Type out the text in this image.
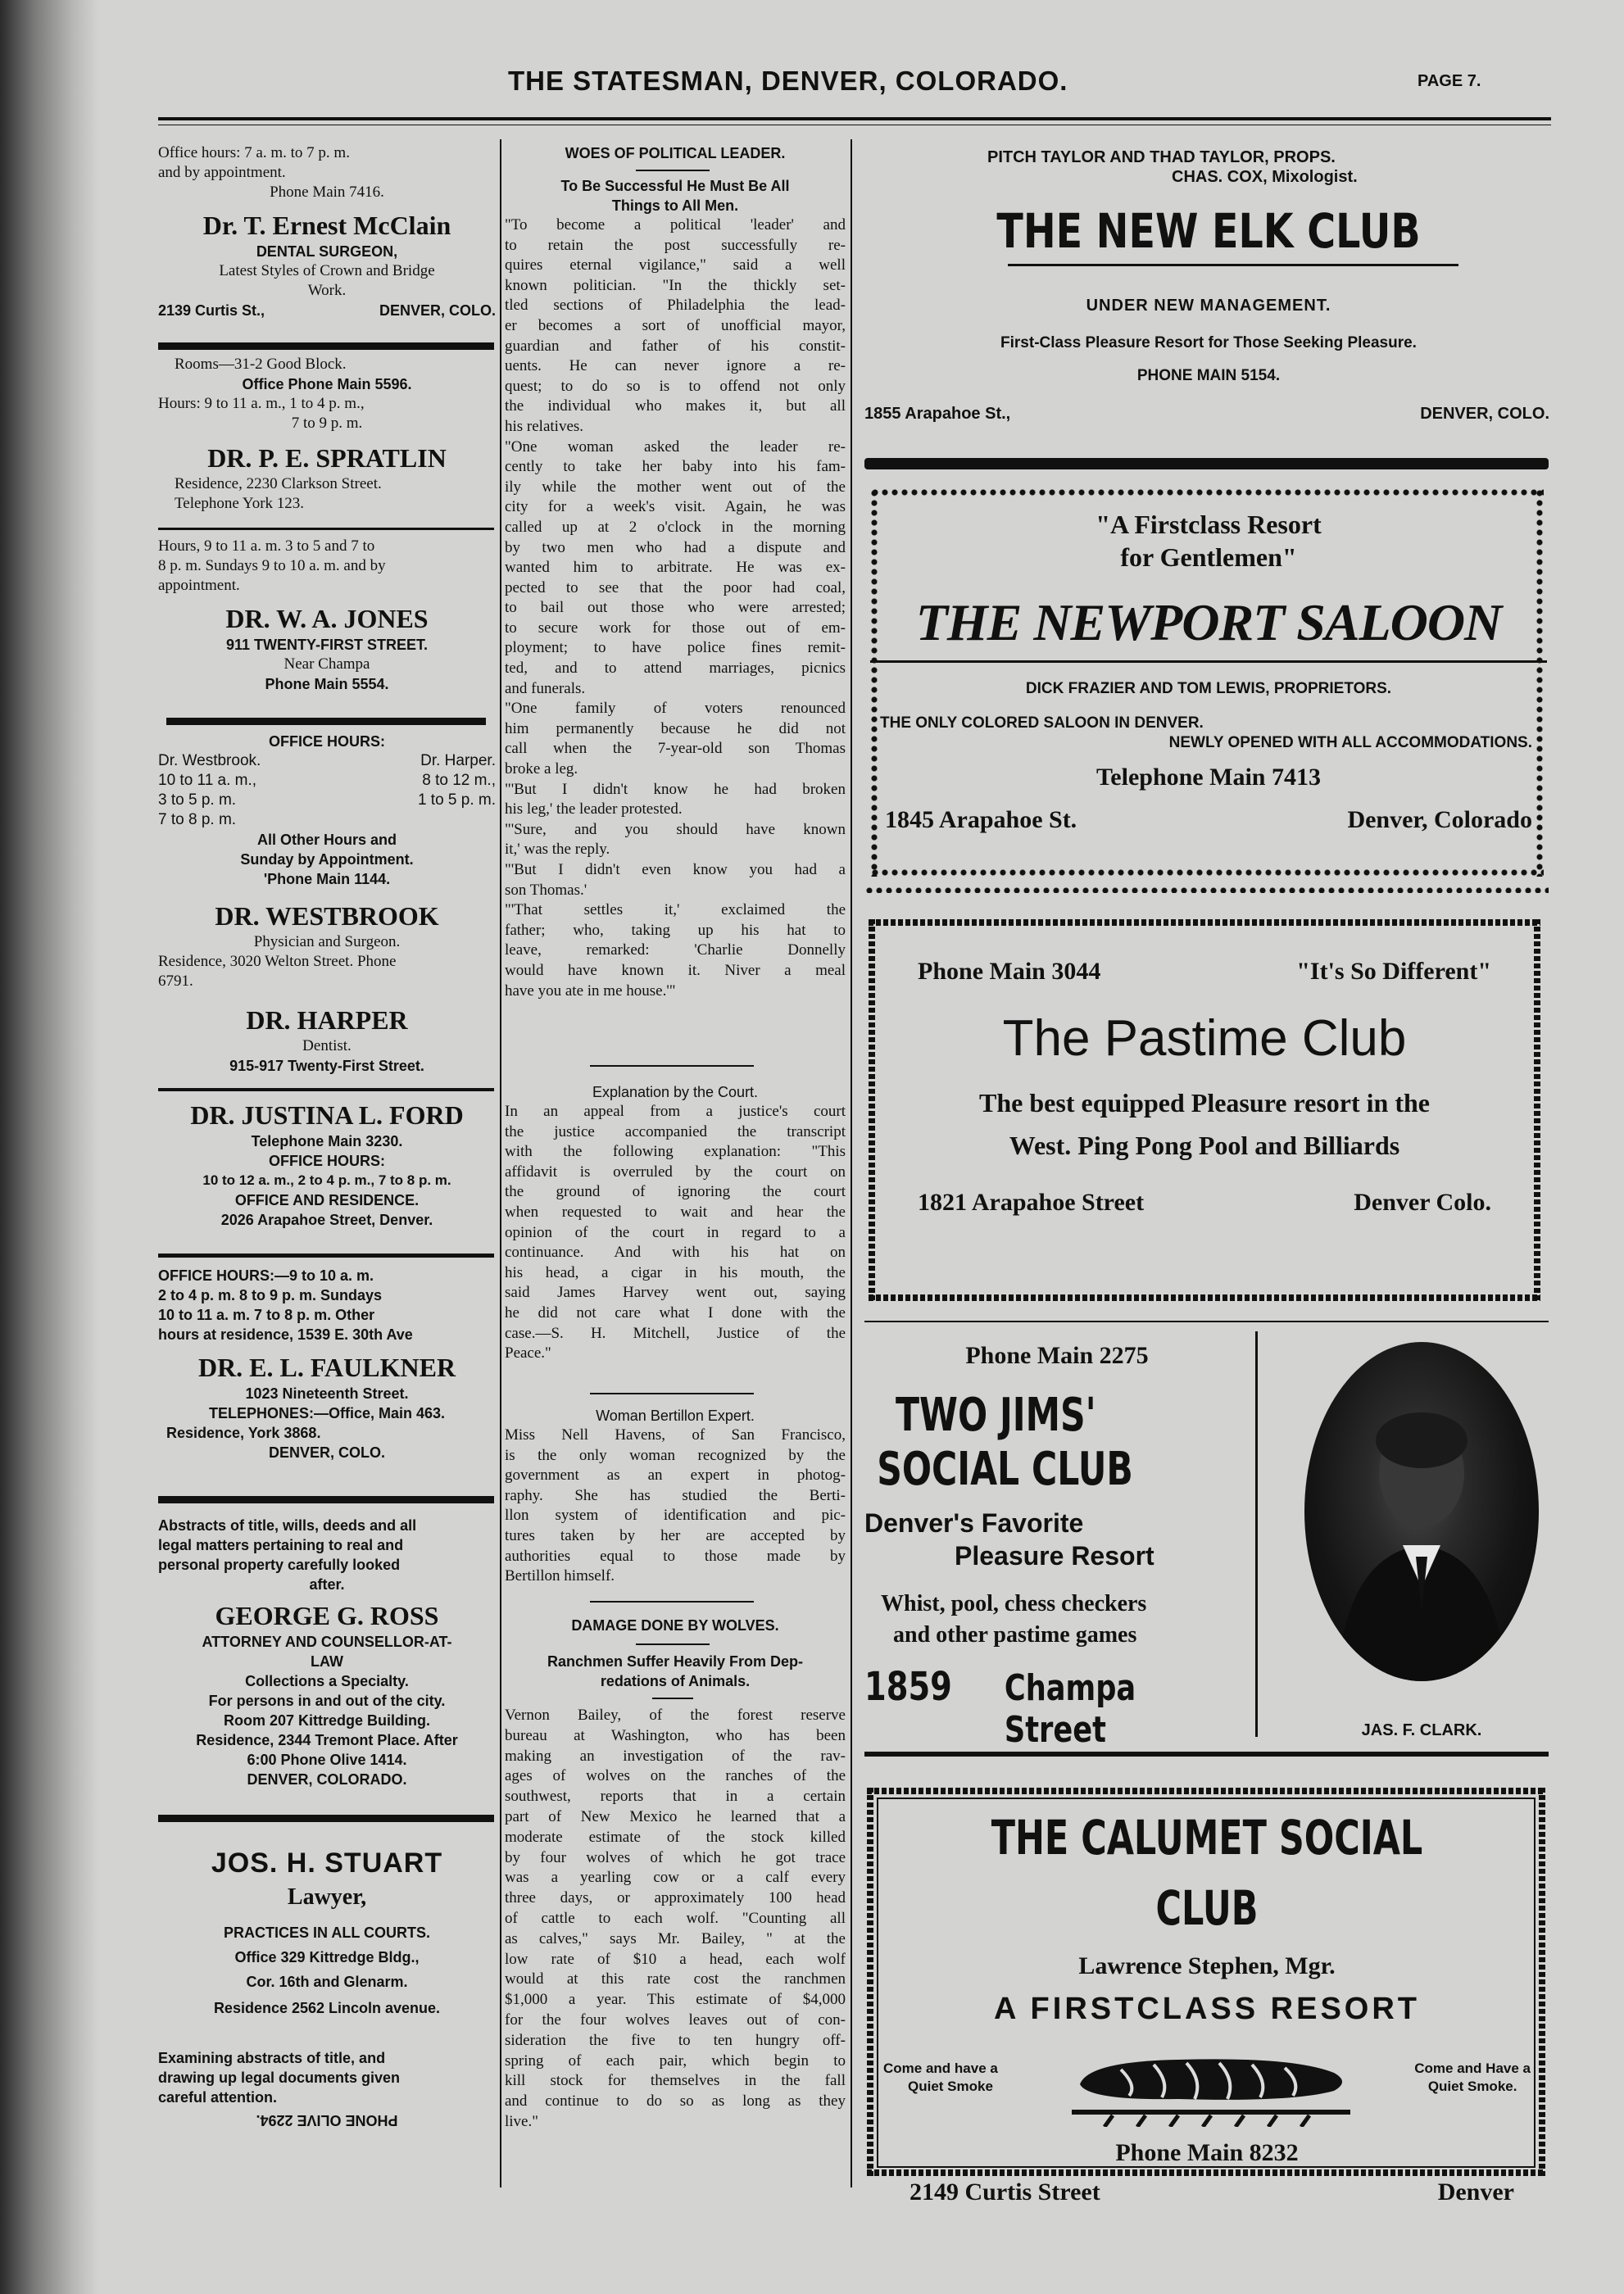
THE STATESMAN, DENVER, COLORADO.	PAGE 7.
Office hours: 7 a. m. to 7 p. m.
and by appointment.
Phone Main 7416.
Dr. T. Ernest McClain
DENTAL SURGEON,
Latest Styles of Crown and Bridge
Work.
2139 Curtis St.,	DENVER, COLO.
Rooms—31-2 Good Block.
Office Phone Main 5596.
Hours: 9 to 11 a. m., 1 to 4 p. m.,
7 to 9 p. m.
DR. P. E. SPRATLIN
Residence, 2230 Clarkson Street.
Telephone York 123.
Hours, 9 to 11 a. m. 3 to 5 and 7 to
8 p. m. Sundays 9 to 10 a. m. and by
appointment.
DR. W. A. JONES
911 TWENTY-FIRST STREET.
Near Champa
Phone Main 5554.
OFFICE HOURS:
Dr. Westbrook.	Dr. Harper.
10 to 11 a. m.,	8 to 12 m.,
3 to 5 p. m.	1 to 5 p. m.
7 to 8 p. m.
All Other Hours and
Sunday by Appointment.
'Phone Main 1144.
DR. WESTBROOK
Physician and Surgeon.
Residence, 3020 Welton Street. Phone
6791.
DR. HARPER
Dentist.
915-917 Twenty-First Street.
DR. JUSTINA L. FORD
Telephone Main 3230.
OFFICE HOURS:
10 to 12 a. m., 2 to 4 p. m., 7 to 8 p. m.
OFFICE AND RESIDENCE.
2026 Arapahoe Street, Denver.
OFFICE HOURS:—9 to 10 a. m.
2 to 4 p. m. 8 to 9 p. m. Sundays
10 to 11 a. m. 7 to 8 p. m. Other
hours at residence, 1539 E. 30th Ave
DR. E. L. FAULKNER
1023 Nineteenth Street.
TELEPHONES:—Office, Main 463.
Residence, York 3868.
DENVER, COLO.
Abstracts of title, wills, deeds and all
legal matters pertaining to real and
personal property carefully looked
after.
GEORGE G. ROSS
ATTORNEY AND COUNSELLOR-AT-
LAW
Collections a Specialty.
For persons in and out of the city.
Room 207 Kittredge Building.
Residence, 2344 Tremont Place. After
6:00 Phone Olive 1414.
DENVER, COLORADO.
JOS. H. STUART
Lawyer,
PRACTICES IN ALL COURTS.
Office 329 Kittredge Bldg.,
Cor. 16th and Glenarm.
Residence 2562 Lincoln avenue.
Examining abstracts of title, and
drawing up legal documents given
careful attention.
PHONE OLIVE 2294.
WOES OF POLITICAL LEADER.
To Be Successful He Must Be All
Things to All Men.
"To become a political 'leader' and
to retain the post successfully re-
quires eternal vigilance," said a well
known politician. "In the thickly set-
tled sections of Philadelphia the lead-
er becomes a sort of unofficial mayor,
guardian and father of his constit-
uents. He can never ignore a re-
quest; to do so is to offend not only
the individual who makes it, but all
his relatives.
"One woman asked the leader re-
cently to take her baby into his fam-
ily while the mother went out of the
city for a week's visit. Again, he was
called up at 2 o'clock in the morning
by two men who had a dispute and
wanted him to arbitrate. He was ex-
pected to see that the poor had coal,
to bail out those who were arrested;
to secure work for those out of em-
ployment; to have police fines remit-
ted, and to attend marriages, picnics
and funerals.
"One family of voters renounced
him permanently because he did not
call when the 7-year-old son Thomas
broke a leg.
"'But I didn't know he had broken
his leg,' the leader protested.
"'Sure, and you should have known
it,' was the reply.
"'But I didn't even know you had a
son Thomas.'
"'That settles it,' exclaimed the
father; who, taking up his hat to
leave, remarked: 'Charlie Donnelly
would have known it. Niver a meal
have you ate in me house.'"
Explanation by the Court.
In an appeal from a justice's court
the justice accompanied the transcript
with the following explanation: "This
affidavit is overruled by the court on
the ground of ignoring the court
when requested to wait and hear the
opinion of the court in regard to a
continuance. And with his hat on
his head, a cigar in his mouth, the
said James Harvey went out, saying
he did not care what I done with the
case.—S. H. Mitchell, Justice of the
Peace."
Woman Bertillon Expert.
Miss Nell Havens, of San Francisco,
is the only woman recognized by the
government as an expert in photog-
raphy. She has studied the Berti-
llon system of identification and pic-
tures taken by her are accepted by
authorities equal to those made by
Bertillon himself.
DAMAGE DONE BY WOLVES.
Ranchmen Suffer Heavily From Dep-
redations of Animals.
Vernon Bailey, of the forest reserve
bureau at Washington, who has been
making an investigation of the rav-
ages of wolves on the ranches of the
southwest, reports that in a certain
part of New Mexico he learned that a
moderate estimate of the stock killed
by four wolves of which he got trace
was a yearling cow or a calf every
three days, or approximately 100 head
of cattle to each wolf. "Counting all
as calves," says Mr. Bailey, " at the
low rate of $10 a head, each wolf
would at this rate cost the ranchmen
$1,000 a year. This estimate of $4,000
for the four wolves leaves out of con-
sideration the five to ten hungry off-
spring of each pair, which begin to
kill stock for themselves in the fall
and continue to do so as long as they
live."
PITCH TAYLOR AND THAD TAYLOR, PROPS.
CHAS. COX, Mixologist.
THE NEW ELK CLUB
UNDER NEW MANAGEMENT.
First-Class Pleasure Resort for Those Seeking Pleasure.
PHONE MAIN 5154.
1855 Arapahoe St.,	DENVER, COLO.
"A Firstclass Resort
for Gentlemen"
THE NEWPORT SALOON
DICK FRAZIER AND TOM LEWIS, PROPRIETORS.
THE ONLY COLORED SALOON IN DENVER.
NEWLY OPENED WITH ALL ACCOMMODATIONS.
Telephone Main 7413
1845 Arapahoe St.	Denver, Colorado
Phone Main 3044	"It's So Different"
The Pastime Club
The best equipped Pleasure resort in the
West. Ping Pong Pool and Billiards
1821 Arapahoe Street	Denver Colo.
Phone Main 2275
TWO JIMS'
SOCIAL CLUB
Denver's Favorite
Pleasure Resort
Whist, pool, chess checkers
and other pastime games
1859 Champa Street	JAS. F. CLARK.
THE CALUMET SOCIAL CLUB
Lawrence Stephen, Mgr.
A FIRSTCLASS RESORT
Come and have a
Quiet Smoke
Come and Have a
Quiet Smoke.
Phone Main 8232
2149 Curtis Street	Denver
